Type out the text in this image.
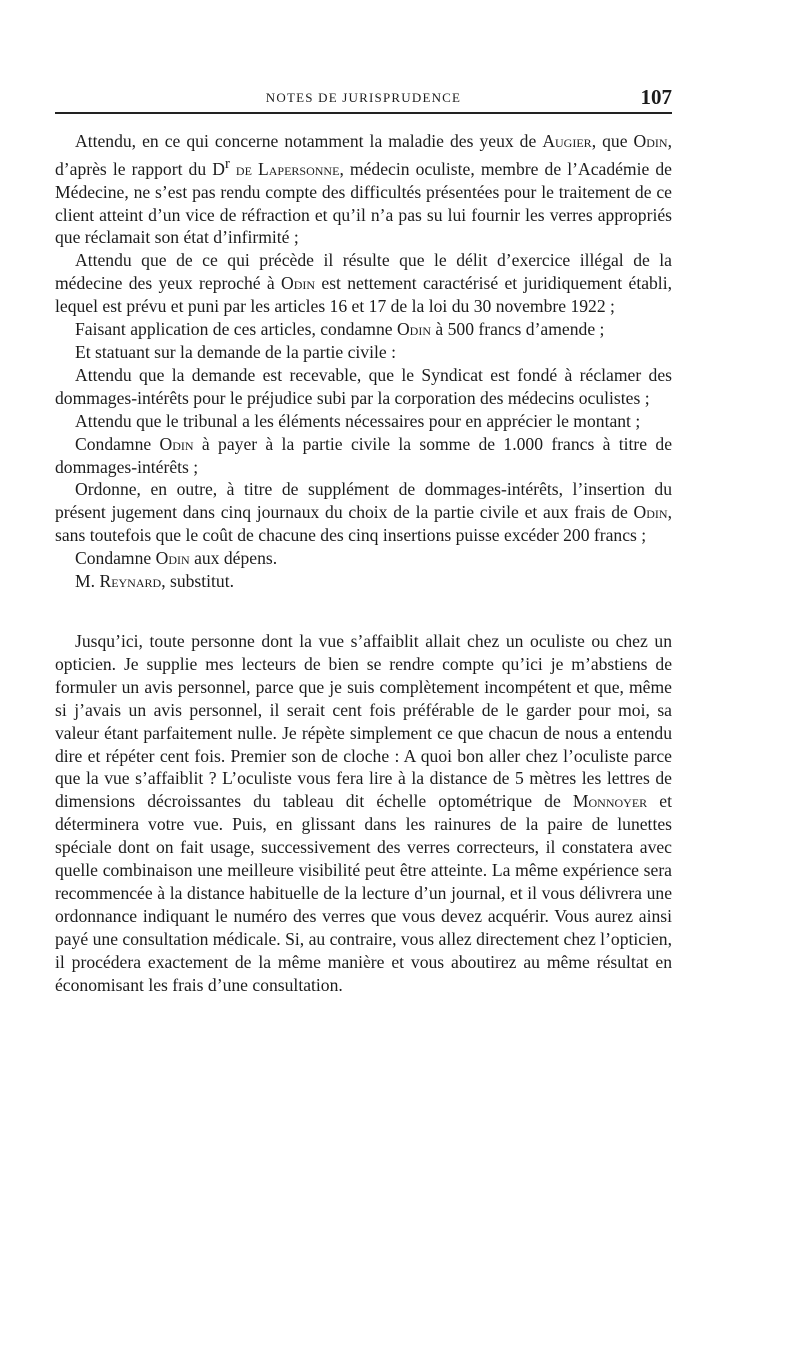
NOTES DE JURISPRUDENCE	107

Attendu, en ce qui concerne notamment la maladie des yeux de Augier, que Odin, d’après le rapport du $D^r$ de Lapersonne, médecin oculiste, membre de l’Académie de Médecine, ne s’est pas rendu compte des difficultés présentées pour le traitement de ce client atteint d’un vice de réfraction et qu’il n’a pas su lui fournir les verres appropriés que réclamait son état d’infirmité ;

Attendu que de ce qui précède il résulte que le délit d’exercice illégal de la médecine des yeux reproché à Odin est nettement caractérisé et juridiquement établi, lequel est prévu et puni par les articles 16 et 17 de la loi du 30 novembre 1922 ;

Faisant application de ces articles, condamne Odin à 500 francs d’amende ;

Et statuant sur la demande de la partie civile :

Attendu que la demande est recevable, que le Syndicat est fondé à réclamer des dommages-intérêts pour le préjudice subi par la corporation des médecins oculistes ;

Attendu que le tribunal a les éléments nécessaires pour en apprécier le montant ;

Condamne Odin à payer à la partie civile la somme de 1.000 francs à titre de dommages-intérêts ;

Ordonne, en outre, à titre de supplément de dommages-intérêts, l’insertion du présent jugement dans cinq journaux du choix de la partie civile et aux frais de Odin, sans toutefois que le coût de chacune des cinq insertions puisse excéder 200 francs ;

Condamne Odin aux dépens.

M. Reynard, substitut.

Jusqu’ici, toute personne dont la vue s’affaiblit allait chez un oculiste ou chez un opticien. Je supplie mes lecteurs de bien se rendre compte qu’ici je m’abstiens de formuler un avis personnel, parce que je suis complètement incompétent et que, même si j’avais un avis personnel, il serait cent fois préférable de le garder pour moi, sa valeur étant parfaitement nulle. Je répète simplement ce que chacun de nous a entendu dire et répéter cent fois. Premier son de cloche : A quoi bon aller chez l’oculiste parce que la vue s’affaiblit ? L’oculiste vous fera lire à la distance de 5 mètres les lettres de dimensions décroissantes du tableau dit échelle optométrique de Monnoyer et déterminera votre vue. Puis, en glissant dans les rainures de la paire de lunettes spéciale dont on fait usage, successivement des verres correcteurs, il constatera avec quelle combinaison une meilleure visibilité peut être atteinte. La même expérience sera recommencée à la distance habituelle de la lecture d’un journal, et il vous délivrera une ordonnance indiquant le numéro des verres que vous devez acquérir. Vous aurez ainsi payé une consultation médicale. Si, au contraire, vous allez directement chez l’opticien, il procédera exactement de la même manière et vous aboutirez au même résultat en économisant les frais d’une consultation.
